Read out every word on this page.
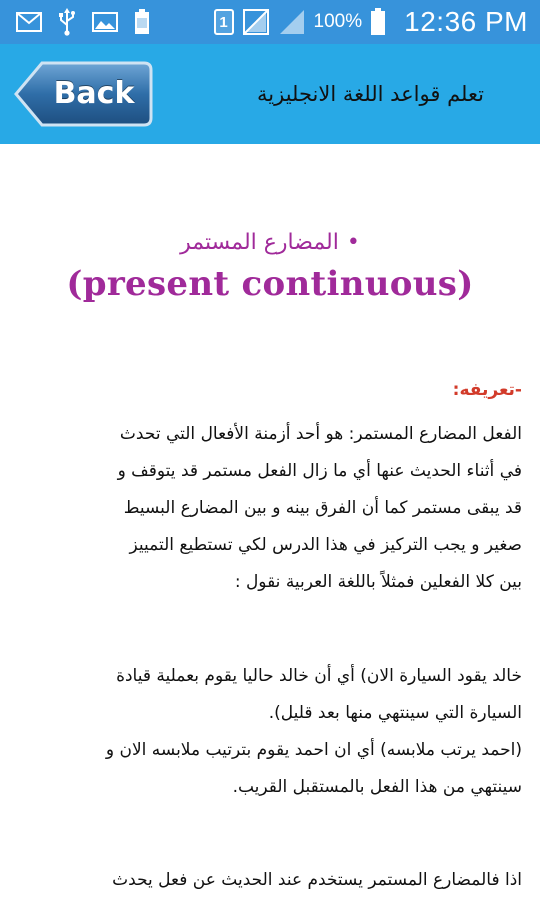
1	100% 12:36 PM
Back	تعلم قواعد اللغة الانجليزية
•المضارع المستمر
(present continuous)
-تعريفه:
الفعل المضارع المستمر: هو أحد أزمنة الأفعال التي تحدث
في أثناء الحديث عنها أي ما زال الفعل مستمر قد يتوقف و
قد يبقى مستمر كما أن الفرق بينه و بين المضارع البسيط
صغير و يجب التركيز في هذا الدرس لكي تستطيع التمييز
بين كلا الفعلين فمثلاً باللغة العربية نقول :
خالد يقود السيارة الان) أي أن خالد حاليا يقوم بعملية قيادة
السيارة التي سينتهي منها بعد قليل).
(احمد يرتب ملابسه) أي ان احمد يقوم بترتيب ملابسه الان و
سينتهي من هذا الفعل بالمستقبل القريب.
اذا فالمضارع المستمر يستخدم عند الحديث عن فعل يحدث
